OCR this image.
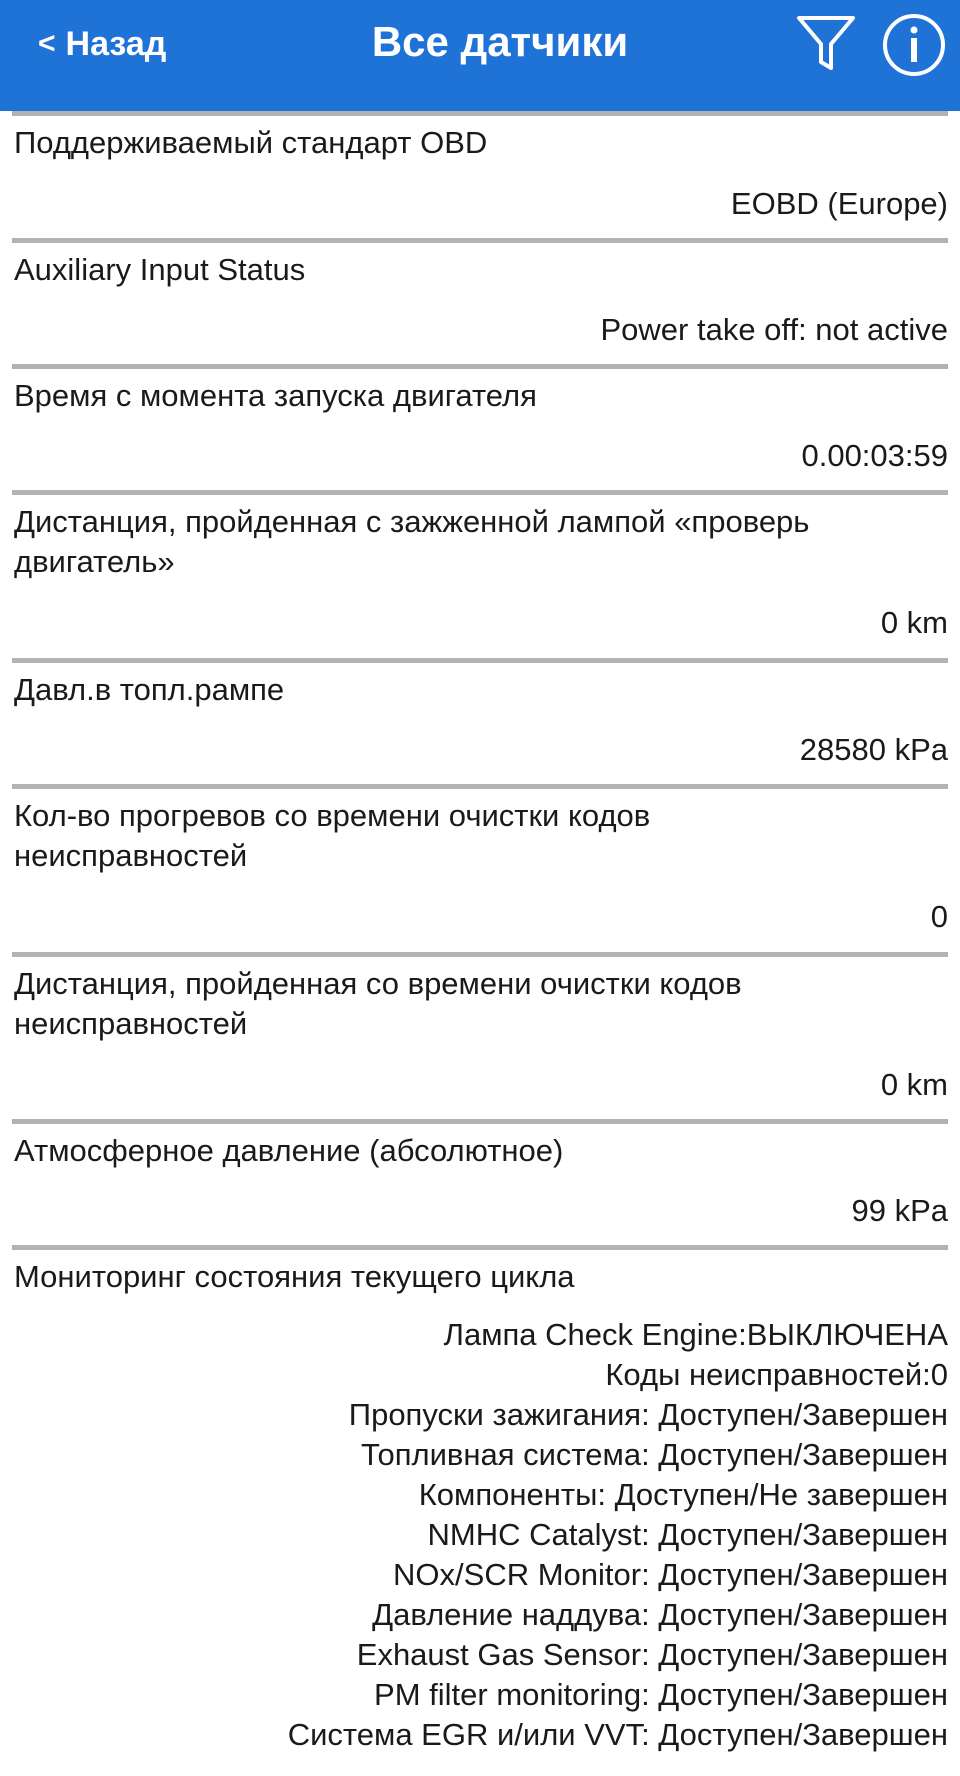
< Назад	Все датчики
Поддерживаемый стандарт OBD
EOBD (Europe)
Auxiliary Input Status
Power take off: not active
Время с момента запуска двигателя
0.00:03:59
Дистанция, пройденная с зажженной лампой «проверь
двигатель»
0 km
Давл.в топл.рампе
28580 kPa
Кол-во прогревов со времени очистки кодов
неисправностей
0
Дистанция, пройденная со времени очистки кодов
неисправностей
0 km
Атмосферное давление (абсолютное)
99 kPa
Мониторинг состояния текущего цикла
Лампа Check Engine:ВЫКЛЮЧЕНА
Коды неисправностей:0
Пропуски зажигания: Доступен/Завершен
Топливная система: Доступен/Завершен
Компоненты: Доступен/Не завершен
NMHC Catalyst: Доступен/Завершен
NOx/SCR Monitor: Доступен/Завершен
Давление наддува: Доступен/Завершен
Exhaust Gas Sensor: Доступен/Завершен
PM filter monitoring: Доступен/Завершен
Система EGR и/или VVT: Доступен/Завершен
